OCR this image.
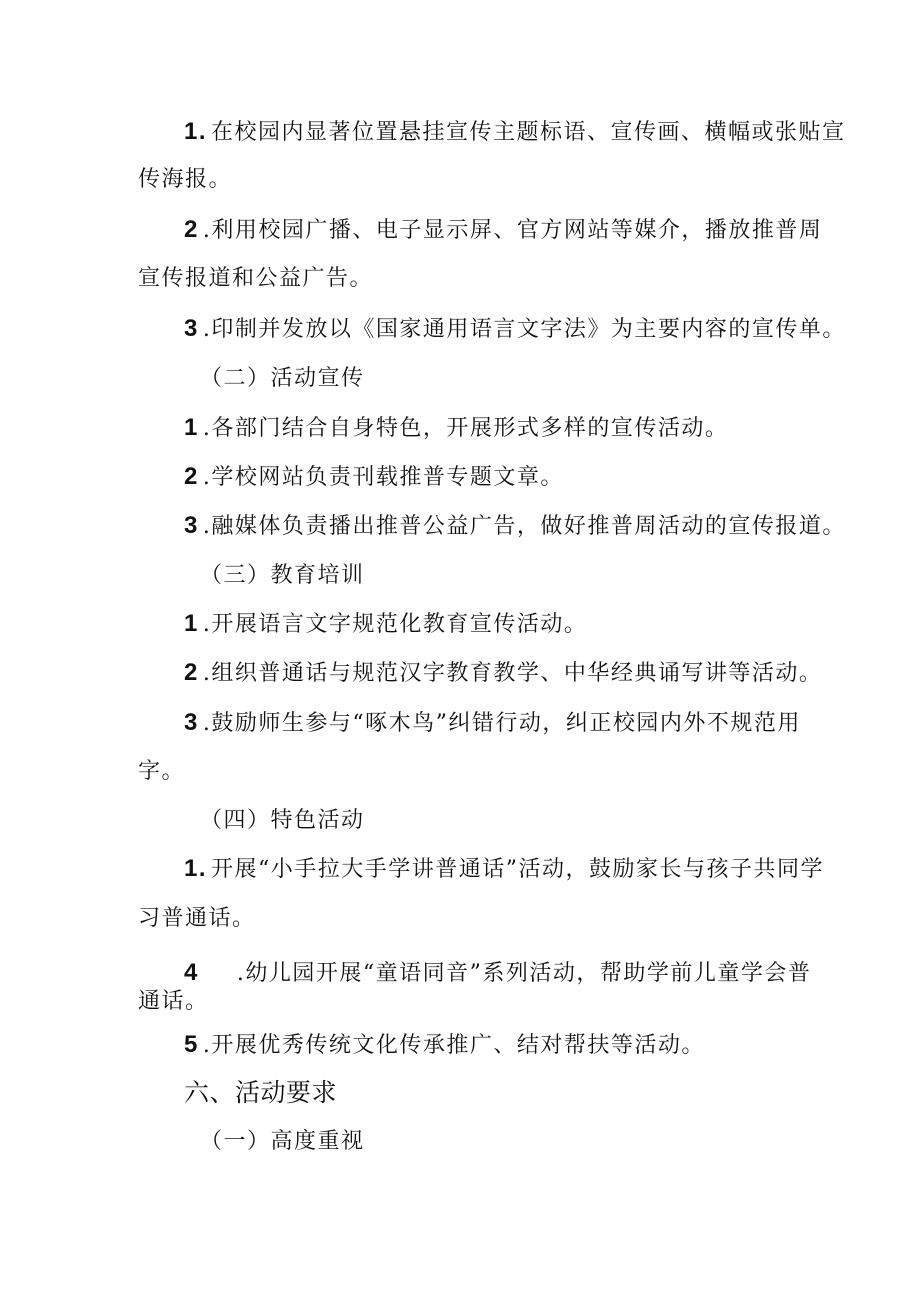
1. 在校园内显著位置悬挂宣传主题标语、宣传画、横幅或张贴宣
传海报。
2 .利用校园广播、电子显示屏、官方网站等媒介，播放推普周
宣传报道和公益广告。
3 .印制并发放以《国家通用语言文字法》为主要内容的宣传单。
（二）活动宣传
1 .各部门结合自身特色，开展形式多样的宣传活动。
2 .学校网站负责刊载推普专题文章。
3 .融媒体负责播出推普公益广告，做好推普周活动的宣传报道。
（三）教育培训
1 .开展语言文字规范化教育宣传活动。
2 .组织普通话与规范汉字教育教学、中华经典诵写讲等活动。
3 .鼓励师生参与“啄木鸟”纠错行动，纠正校园内外不规范用
字。
（四）特色活动
1. 开展“小手拉大手学讲普通话”活动，鼓励家长与孩子共同学
习普通话。
4 .幼儿园开展“童语同音”系列活动，帮助学前儿童学会普
通话。
5 .开展优秀传统文化传承推广、结对帮扶等活动。
六、活动要求
（一）高度重视
